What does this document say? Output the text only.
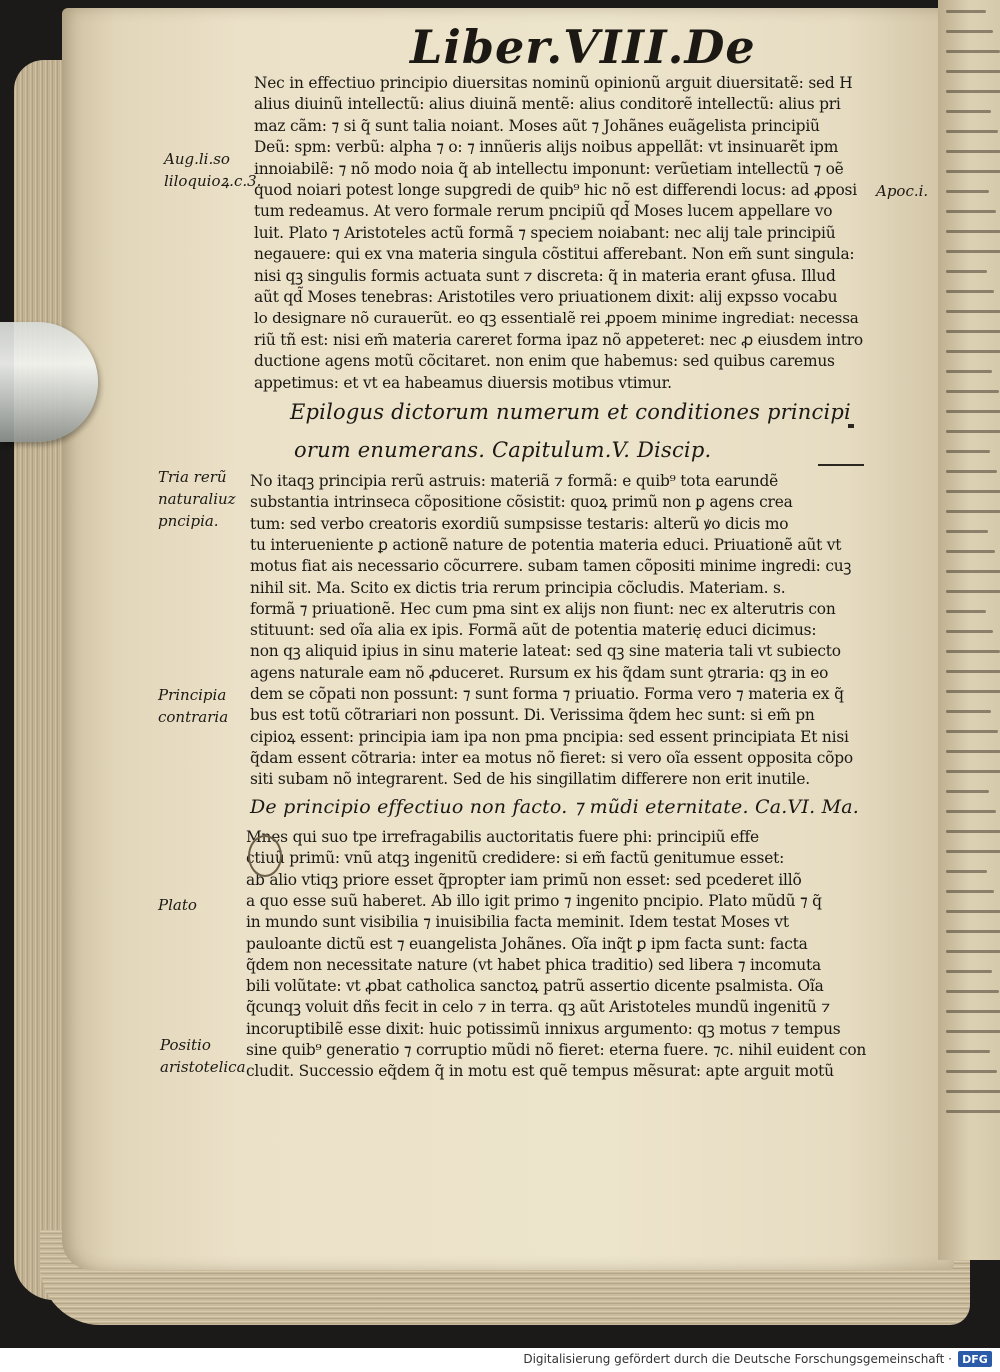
Liber.VIII.De
Nec in effectiuo principio diuersitas nominũ opinionũ arguit diuersitatẽ: sed H
alius diuinũ intellectũ: alius diuinã mentẽ: alius conditorẽ intellectũ: alius pri
maz cãm: ⁊ si q̃ sunt talia noiant. Moses aũt ⁊ Johãnes euãgelista principiũ
Deũ: spm: verbũ: alpha ⁊ o: ⁊ innũeris alijs noibus appellãt: vt insinuarẽt ipm
innoiabilẽ: ⁊ nõ modo noia q̃ ab intellectu imponunt: verũetiam intellectũ ⁊ oẽ
quod noiari potest longe supgredi de quib⁹ hic nõ est differendi locus: ad ꝓposi
tum redeamus. At vero formale rerum pncipiũ qd̃ Moses lucem appellare vo
luit. Plato ⁊ Aristoteles actũ formã ⁊ speciem noiabant: nec alij tale principiũ
negauere: qui ex vna materia singula cõstitui afferebant. Non em̃ sunt singula:
nisi qꝫ singulis formis actuata sunt ⁊ discreta: q̃ in materia erant ꝯfusa. Illud
aũt qd̃ Moses tenebras: Aristotiles vero priuationem dixit: alij expsso vocabu
lo designare nõ curauerũt. eo qꝫ essentialẽ rei ꝓpoem minime ingrediat: necessa
riũ tñ est: nisi em̃ materia careret forma ipaz nõ appeteret: nec ꝓ eiusdem intro
ductione agens motũ cõcitaret. non enim que habemus: sed quibus caremus
appetimus: et vt ea habeamus diuersis motibus vtimur.
Epilogus dictorum numerum et conditiones principi
orum enumerans. Capitulum.V. Discip.
No itaqꝫ principia rerũ astruis: materiã ⁊ formã: e quib⁹ tota earundẽ
substantia intrinseca cõpositione cõsistit: quoꝝ primũ non ꝑ agens crea
tum: sed verbo creatoris exordiũ sumpsisse testaris: alterũ ꝟo dicis mo
tu interueniente ꝑ actionẽ nature de potentia materia educi. Priuationẽ aũt vt
motus fiat ais necessario cõcurrere. subam tamen cõpositi minime ingredi: cuꝫ
nihil sit. Ma. Scito ex dictis tria rerum principia cõcludis. Materiam. s.
formã ⁊ priuationẽ. Hec cum pma sint ex alijs non fiunt: nec ex alterutris con
stituunt: sed oĩa alia ex ipis. Formã aũt de potentia materię educi dicimus:
non qꝫ aliquid ipius in sinu materie lateat: sed qꝫ sine materia tali vt subiecto
agens naturale eam nõ ꝓduceret. Rursum ex his q̃dam sunt ꝯtraria: qꝫ in eo
dem se cõpati non possunt: ⁊ sunt forma ⁊ priuatio. Forma vero ⁊ materia ex q̃
bus est totũ cõtrariari non possunt. Di. Verissima q̃dem hec sunt: si em̃ pn
cipioꝝ essent: principia iam ipa non pma pncipia: sed essent principiata Et nisi
q̃dam essent cõtraria: inter ea motus nõ fieret: si vero oĩa essent opposita cõpo
siti subam nõ integrarent. Sed de his singillatim differere non erit inutile.
De principio effectiuo non facto. ⁊ mũdi eternitate. Ca.VI. Ma.
Mnes qui suo tpe irrefragabilis auctoritatis fuere phi: principiũ effe
ctiuũ primũ: vnũ atqꝫ ingenitũ credidere: si em̃ factũ genitumue esset:
ab alio vtiqꝫ priore esset q̃propter iam primũ non esset: sed pcederet illõ
a quo esse suũ haberet. Ab illo igit primo ⁊ ingenito pncipio. Plato mũdũ ⁊ q̃
in mundo sunt visibilia ⁊ inuisibilia facta meminit. Idem testat Moses vt
pauloante dictũ est ⁊ euangelista Johãnes. Oĩa inq̃t ꝑ ipm facta sunt: facta
q̃dem non necessitate nature (vt habet phica traditio) sed libera ⁊ incomuta
bili volũtate: vt ꝓbat catholica sanctoꝝ patrũ assertio dicente psalmista. Oĩa
q̃cunqꝫ voluit dñs fecit in celo ⁊ in terra. qꝫ aũt Aristoteles mundũ ingenitũ ⁊
incoruptibilẽ esse dixit: huic potissimũ innixus argumento: qꝫ motus ⁊ tempus
sine quib⁹ generatio ⁊ corruptio mũdi nõ fieret: eterna fuere. ⁊c. nihil euident con
cludit. Successio eq̃dem q̃ in motu est quẽ tempus mẽsurat: apte arguit motũ
Aug.li.so
liloquioꝝ.c.3.
Apoc.i.
Tria rerũ
naturaliuz
pncipia.
Principia
contraria
Plato
Positio
aristotelica
Digitalisierung gefördert durch die Deutsche Forschungsgemeinschaft · DFG
